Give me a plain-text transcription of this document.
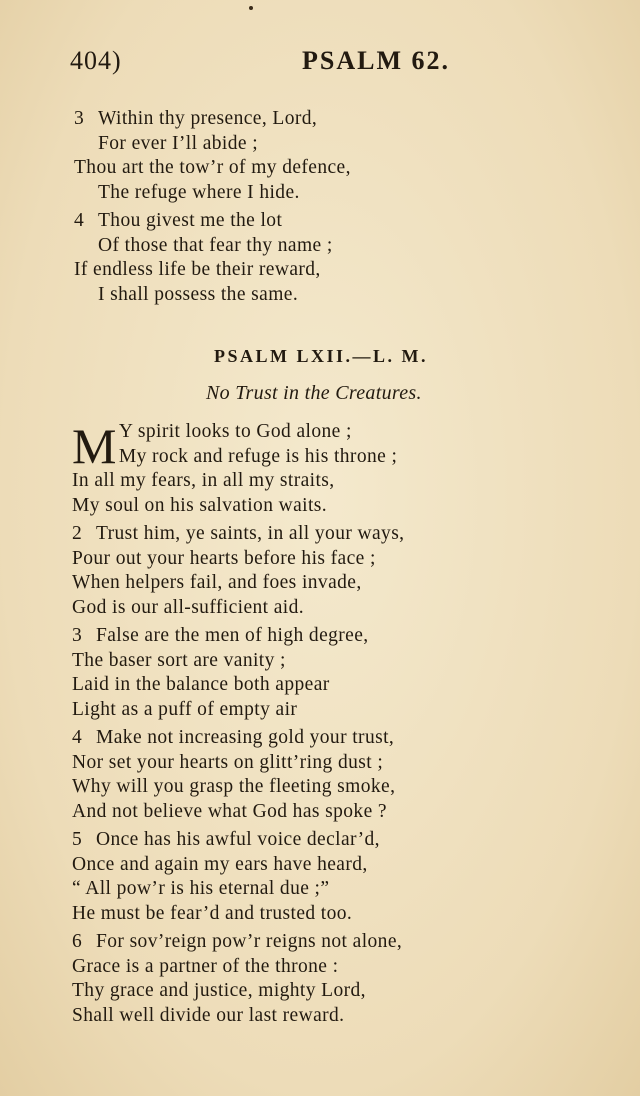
404)	PSALM 62.
3 Within thy presence, Lord,
For ever I’ll abide ;
Thou art the tow’r of my defence,
The refuge where I hide.
4 Thou givest me the lot
Of those that fear thy name ;
If endless life be their reward,
I shall possess the same.
PSALM LXII.—L. M.
No Trust in the Creatures.
M Y spirit looks to God alone ;
My rock and refuge is his throne ;
In all my fears, in all my straits,
My soul on his salvation waits.
2 Trust him, ye saints, in all your ways,
Pour out your hearts before his face ;
When helpers fail, and foes invade,
God is our all-sufficient aid.
3 False are the men of high degree,
The baser sort are vanity ;
Laid in the balance both appear
Light as a puff of empty air
4 Make not increasing gold your trust,
Nor set your hearts on glitt’ring dust ;
Why will you grasp the fleeting smoke,
And not believe what God has spoke ?
5 Once has his awful voice declar’d,
Once and again my ears have heard,
“ All pow’r is his eternal due ;”
He must be fear’d and trusted too.
6 For sov’reign pow’r reigns not alone,
Grace is a partner of the throne :
Thy grace and justice, mighty Lord,
Shall well divide our last reward.
